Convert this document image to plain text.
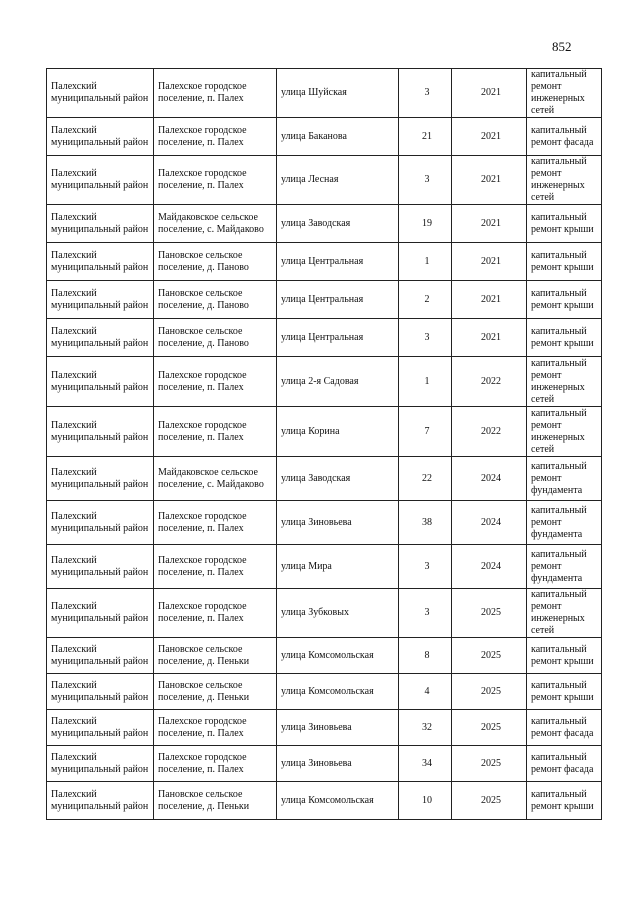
852
Палехский муниципальный район	Палехское городское поселение, п. Палех	улица Шуйская	3	2021	капитальный ремонт инженерных сетей

Палехский муниципальный район	Палехское городское поселение, п. Палех	улица Баканова	21	2021	капитальный ремонт фасада

Палехский муниципальный район	Палехское городское поселение, п. Палех	улица Лесная	3	2021	капитальный ремонт инженерных сетей

Палехский муниципальный район	Майдаковское сельское поселение, с. Майдаково	улица Заводская	19	2021	капитальный ремонт крыши

Палехский муниципальный район	Пановское сельское поселение, д. Паново	улица Центральная	1	2021	капитальный ремонт крыши

Палехский муниципальный район	Пановское сельское поселение, д. Паново	улица Центральная	2	2021	капитальный ремонт крыши

Палехский муниципальный район	Пановское сельское поселение, д. Паново	улица Центральная	3	2021	капитальный ремонт крыши

Палехский муниципальный район	Палехское городское поселение, п. Палех	улица 2-я Садовая	1	2022	капитальный ремонт инженерных сетей

Палехский муниципальный район	Палехское городское поселение, п. Палех	улица Корина	7	2022	капитальный ремонт инженерных сетей

Палехский муниципальный район	Майдаковское сельское поселение, с. Майдаково	улица Заводская	22	2024	капитальный ремонт фундамента

Палехский муниципальный район	Палехское городское поселение, п. Палех	улица Зиновьева	38	2024	капитальный ремонт фундамента

Палехский муниципальный район	Палехское городское поселение, п. Палех	улица Мира	3	2024	капитальный ремонт фундамента

Палехский муниципальный район	Палехское городское поселение, п. Палех	улица Зубковых	3	2025	капитальный ремонт инженерных сетей

Палехский муниципальный район	Пановское сельское поселение, д. Пеньки	улица Комсомольская	8	2025	капитальный ремонт крыши

Палехский муниципальный район	Пановское сельское поселение, д. Пеньки	улица Комсомольская	4	2025	капитальный ремонт крыши

Палехский муниципальный район	Палехское городское поселение, п. Палех	улица Зиновьева	32	2025	капитальный ремонт фасада

Палехский муниципальный район	Палехское городское поселение, п. Палех	улица Зиновьева	34	2025	капитальный ремонт фасада

Палехский муниципальный район	Пановское сельское поселение, д. Пеньки	улица Комсомольская	10	2025	капитальный ремонт крыши
